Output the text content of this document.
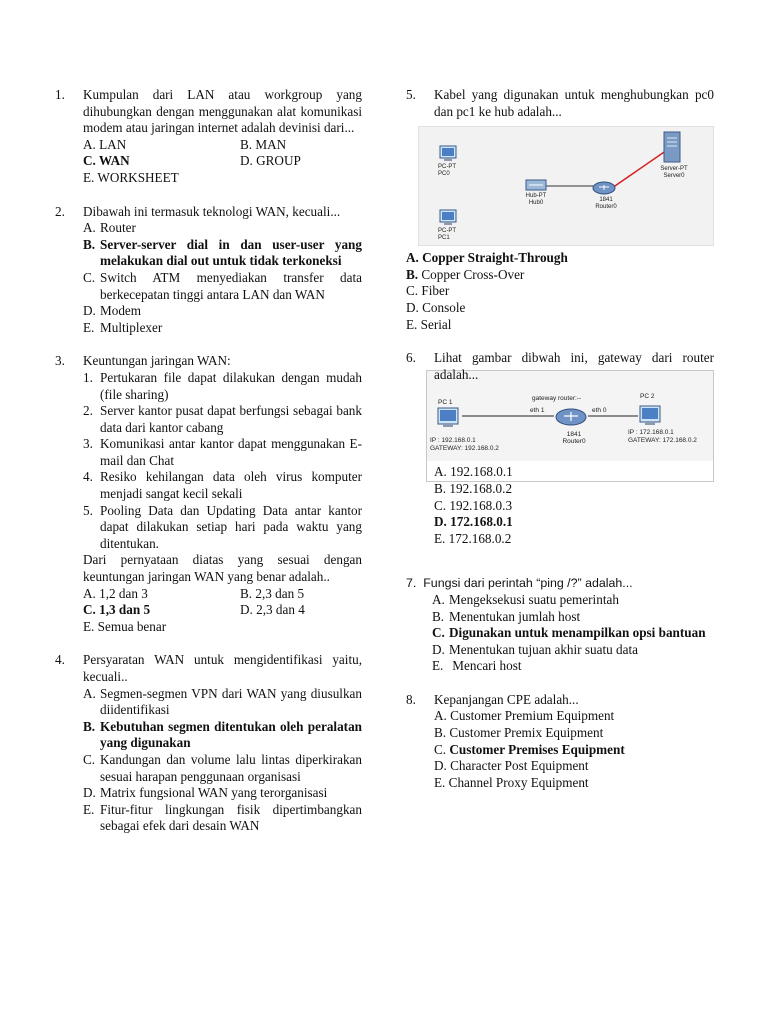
1. Kumpulan dari LAN atau workgroup yang dihubungkan dengan menggunakan alat komunikasi modem atau jaringan internet adalah devinisi dari...
A. LAN	B. MAN
C. WAN	D. GROUP
E. WORKSHEET
2. Dibawah ini termasuk teknologi WAN, kecuali...
A. Router
B. Server-server dial in dan user-user yang melakukan dial out untuk tidak terkoneksi
C. Switch ATM menyediakan transfer data berkecepatan tinggi antara LAN dan WAN
D. Modem
E. Multiplexer
3. Keuntungan jaringan WAN:
1. Pertukaran file dapat dilakukan dengan mudah (file sharing)
2. Server kantor pusat dapat berfungsi sebagai bank data dari kantor cabang
3. Komunikasi antar kantor dapat menggunakan E-mail dan Chat
4. Resiko kehilangan data oleh virus komputer menjadi sangat kecil sekali
5. Pooling Data dan Updating Data antar kantor dapat dilakukan setiap hari pada waktu yang ditentukan.
Dari pernyataan diatas yang sesuai dengan keuntungan jaringan WAN yang benar adalah..
A. 1,2 dan 3	B. 2,3 dan 5
C. 1,3 dan 5	D. 2,3 dan 4
E. Semua benar
4. Persyaratan WAN untuk mengidentifikasi yaitu, kecuali..
A. Segmen-segmen VPN dari WAN yang diusulkan diidentifikasi
B. Kebutuhan segmen ditentukan oleh peralatan yang digunakan
C. Kandungan dan volume lalu lintas diperkirakan sesuai harapan penggunaan organisasi
D. Matrix fungsional WAN yang terorganisasi
E. Fitur-fitur lingkungan fisik dipertimbangkan sebagai efek dari desain WAN
5. Kabel yang digunakan untuk menghubungkan pc0 dan pc1 ke hub adalah...
Server-PT
Server0
PC-PT
PC0
Hub-PT
Hub0	1841
Router0
PC-PT
PC1
A. Copper Straight-Through
B. Copper Cross-Over
C. Fiber
D. Console
E. Serial
6. Lihat gambar dibwah ini, gateway dari router adalah...
PC 1
PC 2
gateway router:--
eth 1	eth 0
1841
Router0
IP : 192.168.0.1
GATEWAY: 192.168.0.2
IP : 172.168.0.1
GATEWAY: 172.168.0.2
A. 192.168.0.1
B. 192.168.0.2
C. 192.168.0.3
D. 172.168.0.1
E. 172.168.0.2
7. Fungsi dari perintah “ping /?” adalah...
A. Mengeksekusi suatu pemerintah
B. Menentukan jumlah host
C. Digunakan untuk menampilkan opsi bantuan
D. Menentukan tujuan akhir suatu data
E. Mencari host
8. Kepanjangan CPE adalah...
A. Customer Premium Equipment
B. Customer Premix Equipment
C. Customer Premises Equipment
D. Character Post Equipment
E. Channel Proxy Equipment
